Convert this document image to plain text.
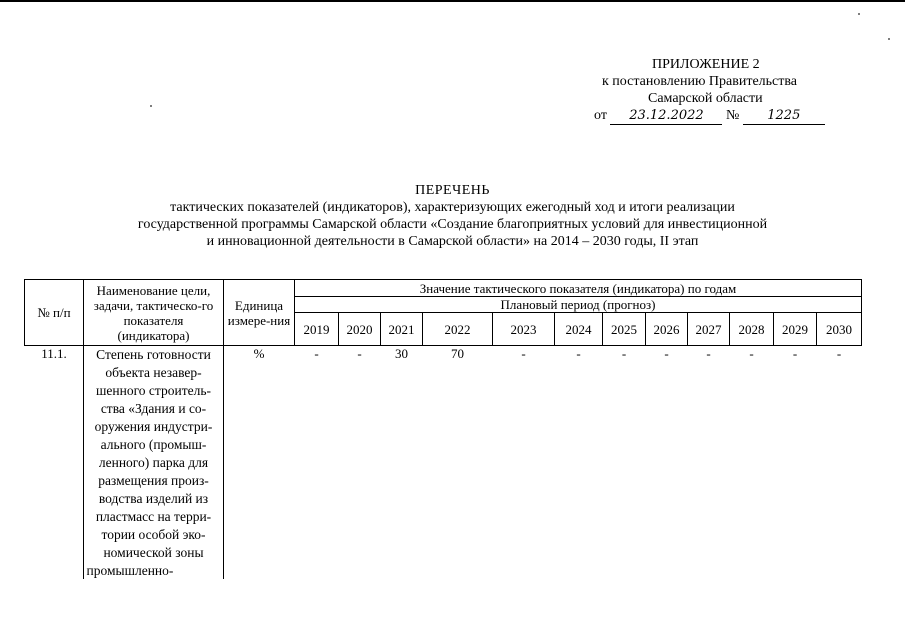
ПРИЛОЖЕНИЕ 2
к постановлению Правительства
Самарской области
от 23.12.2022 № 1225
ПЕРЕЧЕНЬ
тактических показателей (индикаторов), характеризующих ежегодный ход и итоги реализации
государственной программы Самарской области «Создание благоприятных условий для инвестиционной
и инновационной деятельности в Самарской области» на 2014 – 2030 годы, II этап
№ п/п	Наименование цели, задачи, тактическо-го показателя (индикатора)	Единица измере-ния	Значение тактического показателя (индикатора) по годам											
			Плановый период (прогноз)											
			2019	2020	2021	2022	2023	2024	2025	2026	2027	2028	2029	2030
11.1.	Степень готовности объекта незавер-шенного строитель-ства «Здания и со-оружения индустри-ального (промыш-ленного) парка для размещения произ-водства изделий из пластмасс на терри-тории особой эко-номической зоны промышленно-	%	-	-	30	70	-	-	-	-	-	-	-	-
